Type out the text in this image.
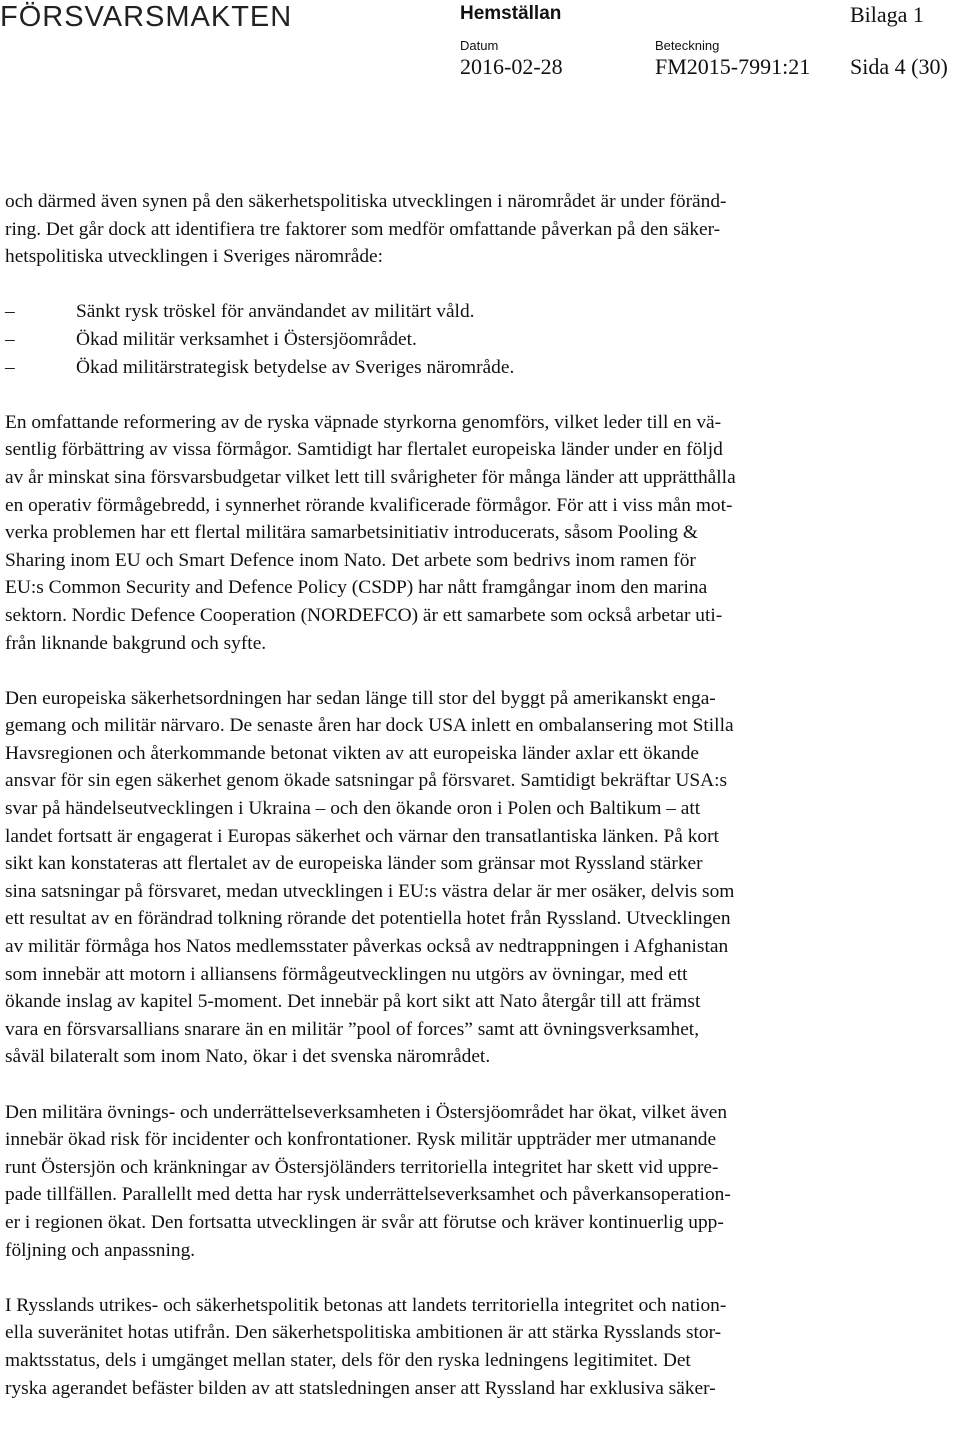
FÖRSVARSMAKTEN	Hemställan	Bilaga 1
Datum	Beteckning
2016-02-28	FM2015-7991:21 Sida 4 (30)

och därmed även synen på den säkerhetspolitiska utvecklingen i närområdet är under föränd-
ring. Det går dock att identifiera tre faktorer som medför omfattande påverkan på den säker-
hetspolitiska utvecklingen i Sveriges närområde:

–	Sänkt rysk tröskel för användandet av militärt våld.
–	Ökad militär verksamhet i Östersjöområdet.
–	Ökad militärstrategisk betydelse av Sveriges närområde.

En omfattande reformering av de ryska väpnade styrkorna genomförs, vilket leder till en vä-
sentlig förbättring av vissa förmågor. Samtidigt har flertalet europeiska länder under en följd
av år minskat sina försvarsbudgetar vilket lett till svårigheter för många länder att upprätthålla
en operativ förmågebredd, i synnerhet rörande kvalificerade förmågor. För att i viss mån mot-
verka problemen har ett flertal militära samarbetsinitiativ introducerats, såsom Pooling &
Sharing inom EU och Smart Defence inom Nato. Det arbete som bedrivs inom ramen för
EU:s Common Security and Defence Policy (CSDP) har nått framgångar inom den marina
sektorn. Nordic Defence Cooperation (NORDEFCO) är ett samarbete som också arbetar uti-
från liknande bakgrund och syfte.

Den europeiska säkerhetsordningen har sedan länge till stor del byggt på amerikanskt enga-
gemang och militär närvaro. De senaste åren har dock USA inlett en ombalansering mot Stilla
Havsregionen och återkommande betonat vikten av att europeiska länder axlar ett ökande
ansvar för sin egen säkerhet genom ökade satsningar på försvaret. Samtidigt bekräftar USA:s
svar på händelseutvecklingen i Ukraina – och den ökande oron i Polen och Baltikum – att
landet fortsatt är engagerat i Europas säkerhet och värnar den transatlantiska länken. På kort
sikt kan konstateras att flertalet av de europeiska länder som gränsar mot Ryssland stärker
sina satsningar på försvaret, medan utvecklingen i EU:s västra delar är mer osäker, delvis som
ett resultat av en förändrad tolkning rörande det potentiella hotet från Ryssland. Utvecklingen
av militär förmåga hos Natos medlemsstater påverkas också av nedtrappningen i Afghanistan
som innebär att motorn i alliansens förmågeutvecklingen nu utgörs av övningar, med ett
ökande inslag av kapitel 5-moment. Det innebär på kort sikt att Nato återgår till att främst
vara en försvarsallians snarare än en militär ”pool of forces” samt att övningsverksamhet,
såväl bilateralt som inom Nato, ökar i det svenska närområdet.

Den militära övnings- och underrättelseverksamheten i Östersjöområdet har ökat, vilket även
innebär ökad risk för incidenter och konfrontationer. Rysk militär uppträder mer utmanande
runt Östersjön och kränkningar av Östersjöländers territoriella integritet har skett vid uppre-
pade tillfällen. Parallellt med detta har rysk underrättelseverksamhet och påverkansoperation-
er i regionen ökat. Den fortsatta utvecklingen är svår att förutse och kräver kontinuerlig upp-
följning och anpassning.

I Rysslands utrikes- och säkerhetspolitik betonas att landets territoriella integritet och nation-
ella suveränitet hotas utifrån. Den säkerhetspolitiska ambitionen är att stärka Rysslands stor-
maktsstatus, dels i umgänget mellan stater, dels för den ryska ledningens legitimitet. Det
ryska agerandet befäster bilden av att statsledningen anser att Ryssland har exklusiva säker-
